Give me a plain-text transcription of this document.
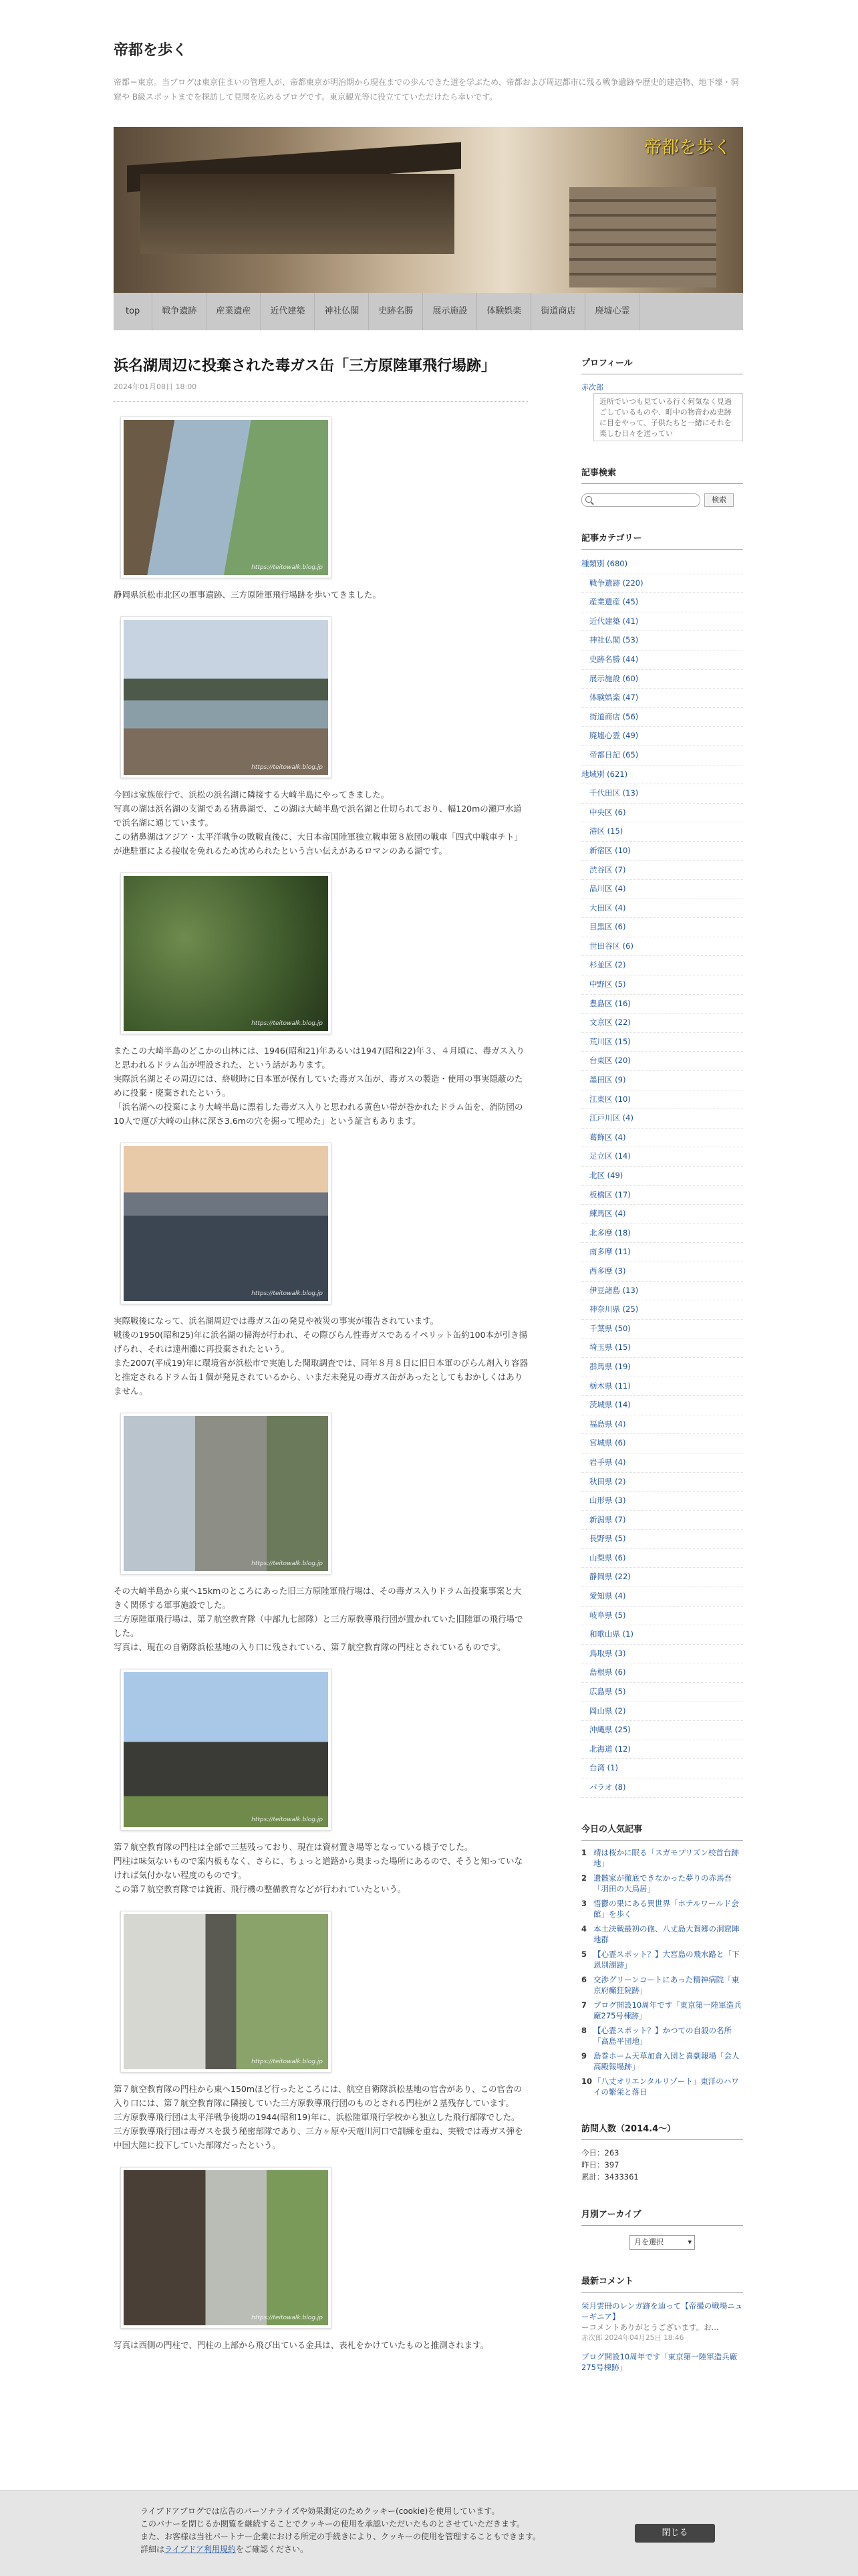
帝都を歩く
帝都＝東京。当ブログは東京住まいの管理人が、帝都東京が明治期から現在までの歩んできた道を学ぶため、帝都および周辺都市に残る戦争遺跡や歴史的建造物、地下壕・洞窟や B級スポットまでを探訪して見聞を広めるブログです。東京観光等に役立てていただけたら幸いです。
帝都を歩く
top	戦争遺跡	産業遺産	近代建築	神社仏閣	史跡名勝	展示施設	体験娯楽	街道商店	廃墟心霊
浜名湖周辺に投棄された毒ガス缶「三方原陸軍飛行場跡」
2024年01月08日 18:00
https://teitowalk.blog.jp

静岡県浜松市北区の軍事遺跡、三方原陸軍飛行場跡を歩いてきました。

https://teitowalk.blog.jp

今回は家族旅行で、浜松の浜名湖に隣接する大崎半島にやってきました。
写真の湖は浜名湖の支湖である猪鼻湖で、この湖は大崎半島で浜名湖と仕切られており、幅120mの瀬戸水道で浜名湖に通じています。
この猪鼻湖はアジア・太平洋戦争の敗戦直後に、大日本帝国陸軍独立戦車第８旅団の戦車「四式中戦車チト」が進駐軍による接収を免れるため沈められたという言い伝えがあるロマンのある湖です。

https://teitowalk.blog.jp

またこの大崎半島のどこかの山林には、1946(昭和21)年あるいは1947(昭和22)年３、４月頃に、毒ガス入りと思われるドラム缶が埋設された、という話があります。
実際浜名湖とその周辺には、終戦時に日本軍が保有していた毒ガス缶が、毒ガスの製造・使用の事実隠蔽のために投棄・廃棄されたという。
「浜名湖への投棄により大崎半島に漂着した毒ガス入りと思われる黄色い帯が巻かれたドラム缶を、消防団の10人で運び大崎の山林に深さ3.6mの穴を掘って埋めた」という証言もあります。

https://teitowalk.blog.jp

実際戦後になって、浜名湖周辺では毒ガス缶の発見や被災の事実が報告されています。
戦後の1950(昭和25)年に浜名湖の掃海が行われ、その際びらん性毒ガスであるイペリット缶約100本が引き揚げられ、それは遠州灘に再投棄されたという。
また2007(平成19)年に環境省が浜松市で実施した聞取調査では、同年８月８日に旧日本軍のびらん剤入り容器と推定されるドラム缶１個が発見されているから、いまだ未発見の毒ガス缶があったとしてもおかしくはありません。

https://teitowalk.blog.jp

その大崎半島から東へ15kmのところにあった旧三方原陸軍飛行場は、その毒ガス入りドラム缶投棄事案と大きく関係する軍事施設でした。
三方原陸軍飛行場は、第７航空教育隊（中部九七部隊）と三方原教導飛行団が置かれていた旧陸軍の飛行場でした。
写真は、現在の自衛隊浜松基地の入り口に残されている、第７航空教育隊の門柱とされているものです。

https://teitowalk.blog.jp

第７航空教育隊の門柱は全部で三基残っており、現在は資材置き場等となっている様子でした。
門柱は味気ないもので案内板もなく、さらに、ちょっと道路から奥まった場所にあるので、そうと知っていなければ気付かない程度のものです。
この第７航空教育隊では銃術、飛行機の整備教育などが行われていたという。

https://teitowalk.blog.jp

第７航空教育隊の門柱から東へ150mほど行ったところには、航空自衛隊浜松基地の官舎があり、この官舎の入り口には、第７航空教育隊に隣接していた三方原教導飛行団のものとされる門柱が２基残存しています。
三方原教導飛行団は太平洋戦争後期の1944(昭和19)年に、浜松陸軍飛行学校から独立した飛行部隊でした。
三方原教導飛行団は毒ガスを扱う秘密部隊であり、三方ヶ原や天竜川河口で訓練を重ね、実戦では毒ガス弾を中国大陸に投下していた部隊だったという。

https://teitowalk.blog.jp

写真は西側の門柱で、門柱の上部から飛び出ている金具は、表札をかけていたものと推測されます。

プロフィール
赤次郎
近所でいつも見ている行く何気なく見過ごしているものや、町中の物音わぬ史跡に目をやって、子供たちと一緒にそれを楽しむ日々を送ってい
記事検索
検索
記事カテゴリー
種類別 (680)
戦争遺跡 (220)
産業遺産 (45)
近代建築 (41)
神社仏閣 (53)
史跡名勝 (44)
展示施設 (60)
体験娯楽 (47)
街道商店 (56)
廃墟心霊 (49)
帝都日記 (65)
地域別 (621)
千代田区 (13)
中央区 (6)
港区 (15)
新宿区 (10)
渋谷区 (7)
品川区 (4)
大田区 (4)
目黒区 (6)
世田谷区 (6)
杉並区 (2)
中野区 (5)
豊島区 (16)
文京区 (22)
荒川区 (15)
台東区 (20)
墨田区 (9)
江東区 (10)
江戸川区 (4)
葛飾区 (4)
足立区 (14)
北区 (49)
板橋区 (17)
練馬区 (4)
北多摩 (18)
南多摩 (11)
西多摩 (3)
伊豆諸島 (13)
神奈川県 (25)
千葉県 (50)
埼玉県 (15)
群馬県 (19)
栃木県 (11)
茨城県 (14)
福島県 (4)
宮城県 (6)
岩手県 (4)
秋田県 (2)
山形県 (3)
新潟県 (7)
長野県 (5)
山梨県 (6)
静岡県 (22)
愛知県 (4)
岐阜県 (5)
和歌山県 (1)
鳥取県 (3)
島根県 (6)
広島県 (5)
岡山県 (2)
沖縄県 (25)
北海道 (12)
台湾 (1)
パラオ (8)
今日の人気記事
1 靖は桜かに眠る「スガモプリズン校首台跡地」
2 遺骸家が徹底できなかった夢りの赤馬吾「羽田の大鳥居」
3 悟鬱の果にある異世界「ホテルワールド会館」を歩く
4 本土決戦最初の砲、八丈島大賀郷の洞窟陣地群
5 【心霊スポット？】大宮島の飛水路と「下恩別湖跡」
6 交渉グリーンコートにあった精神病院「東京府癲狂院跡」
7 プログ開設10周年です「東京第一陸軍造兵廠275号棟跡」
8 【心霊スポット？】かつての自殺の名所「高島平団地」
9 島巻ホーム天草加倉入団と喜劇報場「会人高殿報場跡」
10 「八丈オリエンタルリゾート」東洋のハワイの繁栄と落日
訪問人数（2014.4〜）
今日：263
昨日：397
累計：3433361
月別アーカイブ
月を選択 ▾
最新コメント
栄月雲冊のレンガ跡を辿って【帝撮の戦場ニューギニア】
ーコメントありがとうございます。お...
赤次郎 2024年04月25日 18:46
ブログ開設10周年です「東京第一陸軍造兵廠275号棟跡」
ライブドアブログでは広告のパーソナライズや効果測定のためクッキー(cookie)を使用しています。
このバナーを閉じるか閲覧を継続することでクッキーの使用を承認いただいたものとさせていただきます。
また、お客様は当社パートナー企業における所定の手続きにより、クッキーの使用を管理することもできます。
詳細はライブドア利用規約をご確認ください。
閉じる
